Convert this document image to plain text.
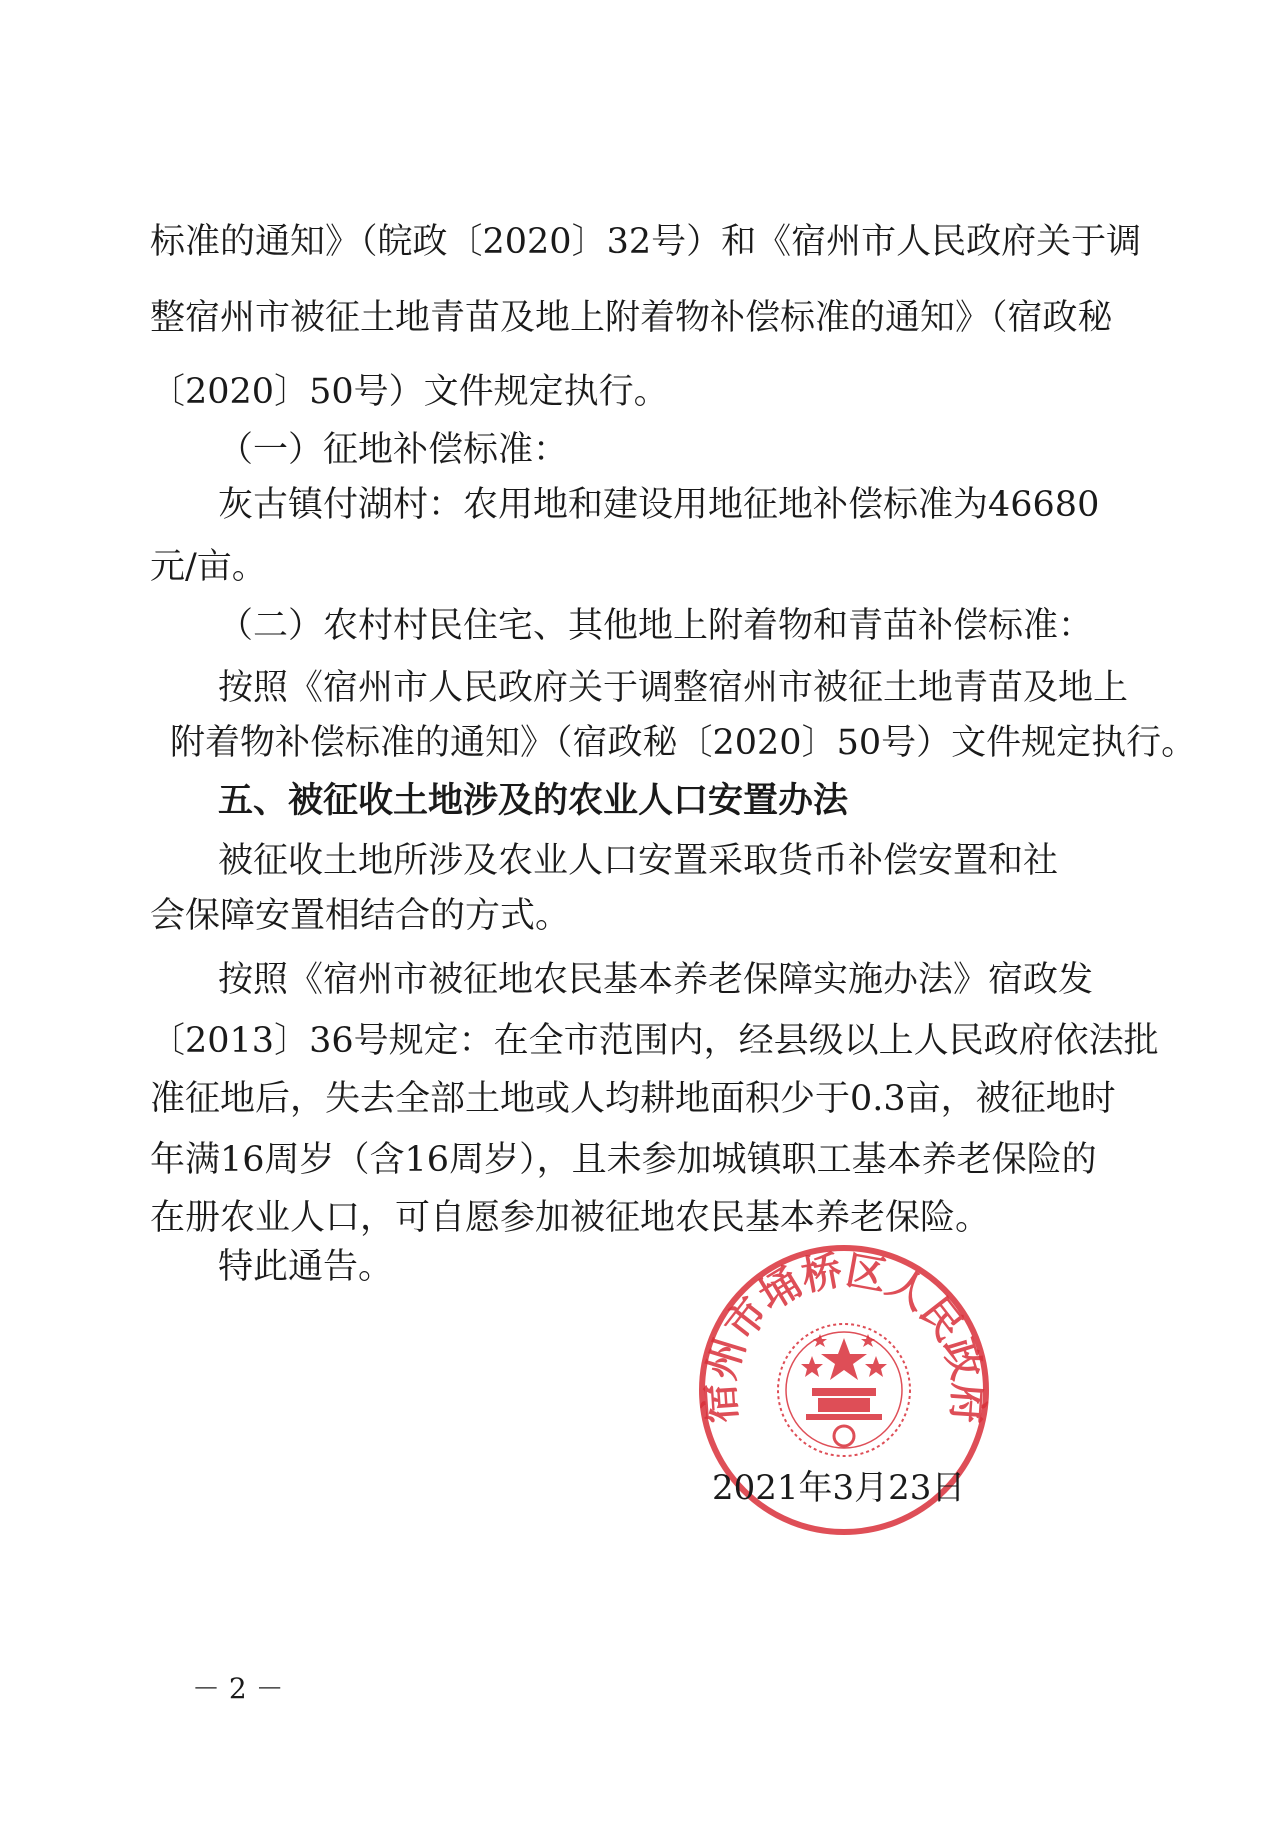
标准的通知》（皖政〔2020〕32号）和《宿州市人民政府关于调
整宿州市被征土地青苗及地上附着物补偿标准的通知》（宿政秘
〔2020〕50号）文件规定执行。
（一）征地补偿标准：
灰古镇付湖村：农用地和建设用地征地补偿标准为46680
元/亩。
（二）农村村民住宅、其他地上附着物和青苗补偿标准：
按照《宿州市人民政府关于调整宿州市被征土地青苗及地上
附着物补偿标准的通知》（宿政秘〔2020〕50号）文件规定执行。
五、被征收土地涉及的农业人口安置办法
被征收土地所涉及农业人口安置采取货币补偿安置和社
会保障安置相结合的方式。
按照《宿州市被征地农民基本养老保障实施办法》宿政发
〔2013〕36号规定：在全市范围内，经县级以上人民政府依法批
准征地后，失去全部土地或人均耕地面积少于0.3亩，被征地时
年满16周岁（含16周岁），且未参加城镇职工基本养老保险的
在册农业人口，可自愿参加被征地农民基本养老保险。
特此通告。
宿州市埇桥区人民政府
2021年3月23日
－ 2 －
